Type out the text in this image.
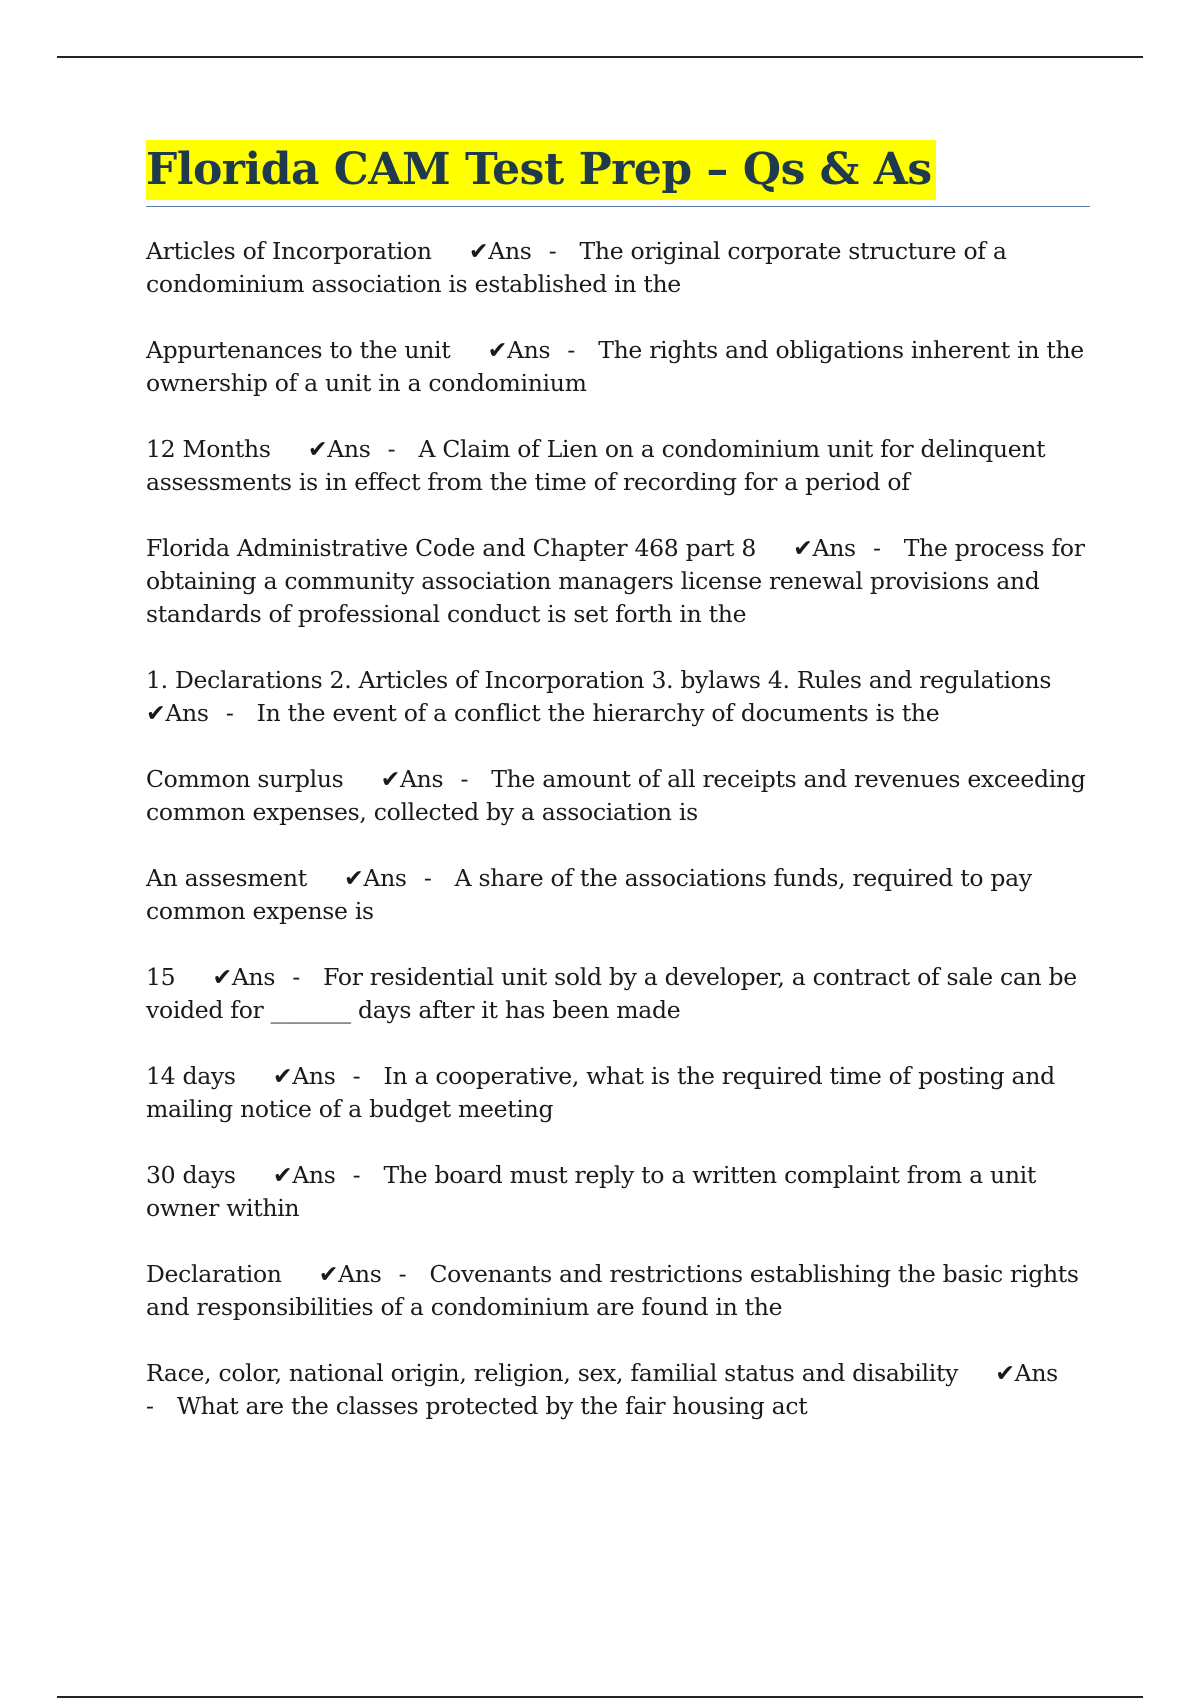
Florida CAM Test Prep – Qs & As
Articles of Incorporation ✔Ans - The original corporate structure of a condominium association is established in the
Appurtenances to the unit ✔Ans - The rights and obligations inherent in the ownership of a unit in a condominium
12 Months ✔Ans - A Claim of Lien on a condominium unit for delinquent assessments is in effect from the time of recording for a period of
Florida Administrative Code and Chapter 468 part 8 ✔Ans - The process for obtaining a community association managers license renewal provisions and standards of professional conduct is set forth in the
1. Declarations 2. Articles of Incorporation 3. bylaws 4. Rules and regulations ✔Ans - In the event of a conflict the hierarchy of documents is the
Common surplus ✔Ans - The amount of all receipts and revenues exceeding common expenses, collected by a association is
An assesment ✔Ans - A share of the associations funds, required to pay common expense is
15 ✔Ans - For residential unit sold by a developer, a contract of sale can be voided for _______ days after it has been made
14 days ✔Ans - In a cooperative, what is the required time of posting and mailing notice of a budget meeting
30 days ✔Ans - The board must reply to a written complaint from a unit owner within
Declaration ✔Ans - Covenants and restrictions establishing the basic rights and responsibilities of a condominium are found in the
Race, color, national origin, religion, sex, familial status and disability ✔Ans - What are the classes protected by the fair housing act
